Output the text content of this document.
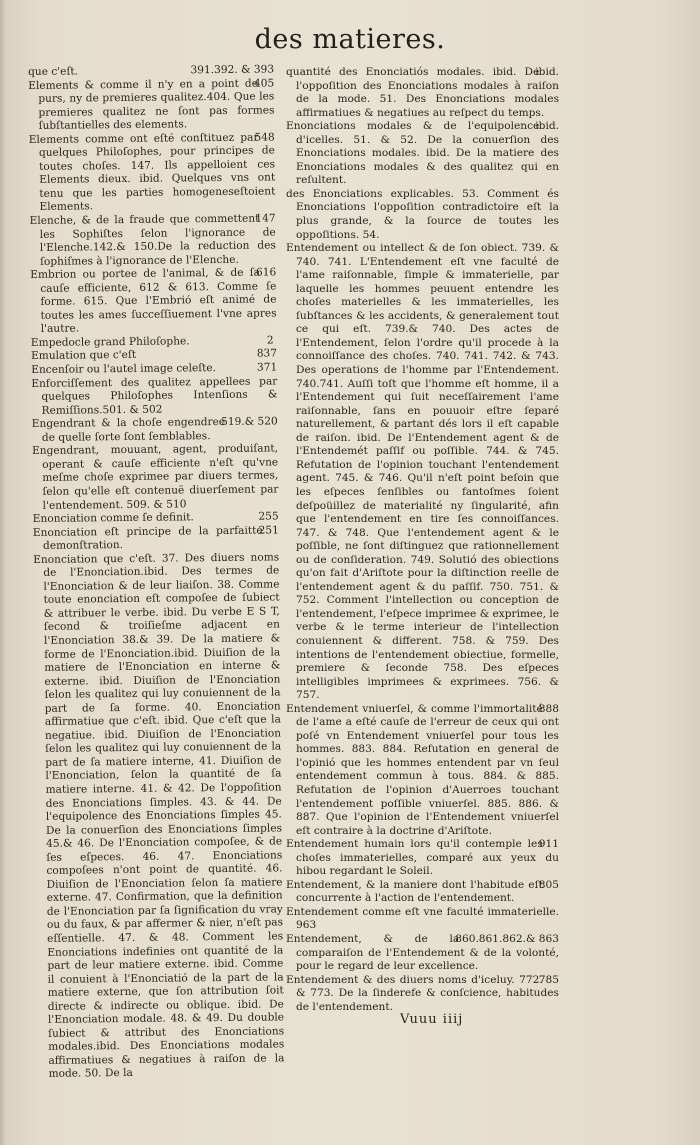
des matieres.

391.392. & 393
que c'eſt.

405
Elements & comme il n'y en a point de purs, ny de premieres qualitez.404. Que les premieres qualitez ne ſont pas formes ſubſtantielles des elements.

548
Elements comme ont eſté conſtituez par quelques Philoſophes, pour principes de toutes choſes. 147. Ils appelloient ces Elements dieux. ibid. Quelques vns ont tenu que les parties homogeneseſtoient Elements.

147
Elenche, & de la fraude que commettent les Sophiſtes ſelon l'ignorance de l'Elenche.142.& 150.De la reduction des ſophiſmes à l'ignorance de l'Elenche.

616
Embrion ou portee de l'animal, & de ſa cauſe efficiente, 612 & 613. Comme ſe forme. 615. Que l'Embrió eſt animé de toutes les ames ſucceſſiuement l'vne apres l'autre.

2
Empedocle grand Philoſophe.

837
Emulation que c'eſt

371
Encenſoir ou l'autel image celeſte.

Enforciſſement des qualitez appellees par quelques Philoſophes Intenſions & Remiſſions.501. & 502

519.& 520
Engendrant & la choſe engendree de quelle ſorte ſont ſemblables.

Engendrant, mouuant, agent, produiſant, operant & cauſe efficiente n'eſt qu'vne meſme choſe exprimee par diuers termes, ſelon qu'elle eſt contenuë diuerſement par l'entendement. 509. & 510

255
Enonciation comme ſe definit.

251
Enonciation eſt principe de la parfaitte demonſtration.

Enonciation que c'eſt. 37. Des diuers noms de l'Enonciation.ibid. Des termes de l'Enonciation & de leur liaiſon. 38. Comme toute enonciation eſt compoſee de ſubiect & attribuer le verbe. ibid. Du verbe E S T, ſecond & troiſieſme adjacent en l'Enonciation 38.& 39. De la matiere & forme de l'Enonciation.ibid. Diuiſion de la matiere de l'Enonciation en interne & externe. ibid. Diuiſion de l'Enonciation ſelon les qualitez qui luy conuiennent de la part de ſa forme. 40. Enonciation affirmatiue que c'eſt. ibid. Que c'eſt que la negatiue. ibid. Diuiſion de l'Enonciation ſelon les qualitez qui luy conuiennent de la part de ſa matiere interne, 41. Diuiſion de l'Enonciation, ſelon la quantité de ſa matiere interne. 41. & 42. De l'oppoſition des Enonciations ſimples. 43. & 44. De l'equipolence des Enonciations ſimples 45. De la conuerſion des Enonciations ſimples 45.& 46. De l'Enonciation compoſee, & de ſes eſpeces. 46. 47. Enonciations compoſees n'ont point de quantité. 46. Diuiſion de l'Enonciation ſelon ſa matiere externe. 47. Confirmation, que la definition de l'Enonciation par ſa ſignification du vray ou du faux, & par affermer & nier, n'eſt pas eſſentielle. 47. & 48. Comment les Enonciations indefinies ont quantité de la part de leur matiere externe. ibid. Comme il conuient à l'Enonciatió de la part de la matiere externe, que ſon attribution ſoit directe & indirecte ou oblique. ibid. De l'Enonciation modale. 48. & 49. Du double ſubiect & attribut des Enonciations modales.ibid. Des Enonciations modales affirmatiues & negatiues à raiſon de la mode. 50. De la

ibid.
quantité des Enonciatiós modales. ibid. De l'oppoſition des Enonciations modales à raiſon de la mode. 51. Des Enonciations modales affirmatiues & negatiues au reſpect du temps.

ibid.
Enonciations modales & de l'equipolence d'icelles. 51. & 52. De la conuerſion des Enonciations modales. ibid. De la matiere des Enonciations modales & des qualitez qui en reſultent.

des Enonciations explicables. 53. Comment és Enonciations l'oppoſition contradictoire eſt la plus grande, & la ſource de toutes les oppoſitions. 54.

Entendement ou intellect & de ſon obiect. 739. & 740. 741. L'Entendement eſt vne faculté de l'ame raiſonnable, ſimple & immaterielle, par laquelle les hommes peuuent entendre les choſes materielles & les immaterielles, les ſubſtances & les accidents, & generalement tout ce qui eſt. 739.& 740. Des actes de l'Entendement, ſelon l'ordre qu'il procede à la connoiſſance des choſes. 740. 741. 742. & 743. Des operations de l'homme par l'Entendement. 740.741. Auſſi toſt que l'homme eſt homme, il a l'Entendement qui ſuit neceſſairement l'ame raiſonnable, ſans en pouuoir eſtre ſeparé naturellement, & partant dés lors il eſt capable de raiſon. ibid. De l'Entendement agent & de l'Entendemét paſſif ou poſſible. 744. & 745. Refutation de l'opinion touchant l'entendement agent. 745. & 746. Qu'il n'eſt point beſoin que les eſpeces ſenſibles ou fantoſmes ſoient deſpoüillez de materialité ny ſingularité, afin que l'entendement en tire ſes connoiſſances. 747. & 748. Que l'entendement agent & le poſſible, ne ſont diſtinguez que rationnellement ou de conſideration. 749. Solutió des obiections qu'on fait d'Ariſtote pour la diſtinction reelle de l'entendement agent & du paſſif. 750. 751. & 752. Comment l'intellection ou conception de l'entendement, l'eſpece imprimee & exprimee, le verbe & le terme interieur de l'intellection conuiennent & different. 758. & 759. Des intentions de l'entendement obiectiue, formelle, premiere & ſeconde 758. Des eſpeces intelligibles imprimees & exprimees. 756. & 757.

888
Entendement vniuerſel, & comme l'immortalité de l'ame a eſté cauſe de l'erreur de ceux qui ont poſé vn Entendement vniuerſel pour tous les hommes. 883. 884. Refutation en general de l'opinió que les hommes entendent par vn ſeul entendement commun à tous. 884. & 885. Refutation de l'opinion d'Auerroes touchant l'entendement poſſible vniuerſel. 885. 886. & 887. Que l'opinion de l'Entendement vniuerſel eſt contraire à la doctrine d'Ariſtote.

911
Entendement humain lors qu'il contemple les choſes immaterielles, comparé aux yeux du hibou regardant le Soleil.

805
Entendement, & la maniere dont l'habitude eſt concurrente à l'action de l'entendement.

Entendement comme eſt vne faculté immaterielle. 963

860.861.862.& 863
Entendement, & de la comparaiſon de l'Entendement & de la volonté, pour le regard de leur excellence.

785
Entendement & des diuers noms d'iceluy. 772. & 773. De la ſinderefe & conſcience, habitudes de l'entendement.

Vuuu iiij
